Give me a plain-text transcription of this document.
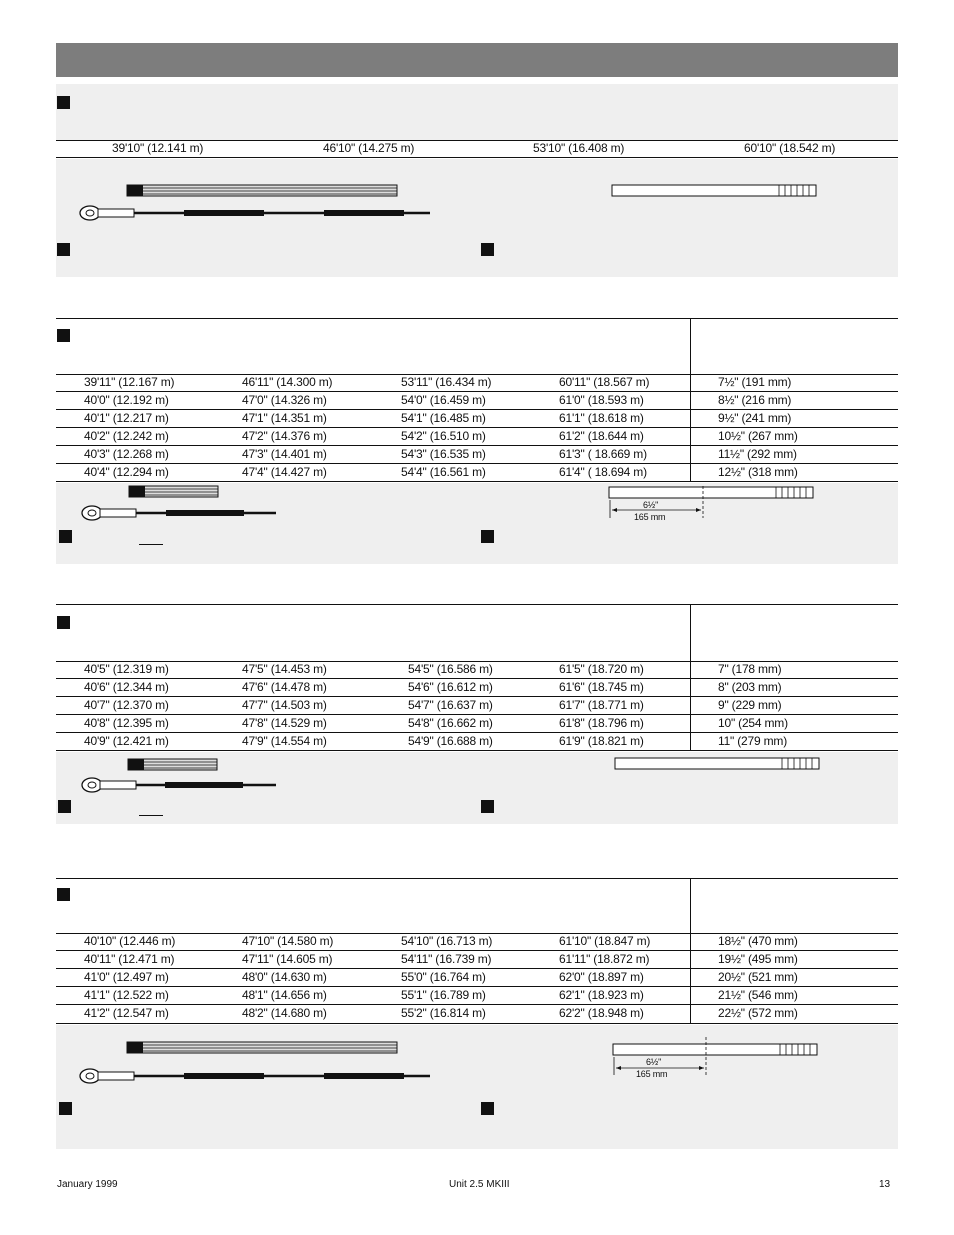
39'10" (12.141 m)	46'10" (14.275 m)	53'10" (16.408 m)	60'10" (18.542 m)
39'11" (12.167 m)	46'11" (14.300 m)	53'11" (16.434 m)	60'11" (18.567 m)	7½" (191 mm)
40'0" (12.192 m)	47'0" (14.326 m)	54'0" (16.459 m)	61'0" (18.593 m)	8½" (216 mm)
40'1" (12.217 m)	47'1" (14.351 m)	54'1" (16.485 m)	61'1" (18.618 m)	9½" (241 mm)
40'2" (12.242 m)	47'2" (14.376 m)	54'2" (16.510 m)	61'2" (18.644 m)	10½" (267 mm)
40'3" (12.268 m)	47'3" (14.401 m)	54'3" (16.535 m)	61'3" ( 18.669 m)	11½" (292 mm)
40'4" (12.294 m)	47'4" (14.427 m)	54'4" (16.561 m)	61'4" ( 18.694 m)	12½" (318 mm)
6½"
165 mm
40'5" (12.319 m)	47'5" (14.453 m)	54'5" (16.586 m)	61'5" (18.720 m)	7" (178 mm)
40'6" (12.344 m)	47'6" (14.478 m)	54'6" (16.612 m)	61'6" (18.745 m)	8" (203 mm)
40'7" (12.370 m)	47'7" (14.503 m)	54'7" (16.637 m)	61'7" (18.771 m)	9" (229 mm)
40'8" (12.395 m)	47'8" (14.529 m)	54'8" (16.662 m)	61'8" (18.796 m)	10" (254 mm)
40'9" (12.421 m)	47'9" (14.554 m)	54'9" (16.688 m)	61'9" (18.821 m)	11" (279 mm)
40'10" (12.446 m)	47'10" (14.580 m)	54'10" (16.713 m)	61'10" (18.847 m)	18½" (470 mm)
40'11" (12.471 m)	47'11" (14.605 m)	54'11" (16.739 m)	61'11" (18.872 m)	19½" (495 mm)
41'0" (12.497 m)	48'0" (14.630 m)	55'0" (16.764 m)	62'0" (18.897 m)	20½" (521 mm)
41'1" (12.522 m)	48'1" (14.656 m)	55'1" (16.789 m)	62'1" (18.923 m)	21½" (546 mm)
41'2" (12.547 m)	48'2" (14.680 m)	55'2" (16.814 m)	62'2" (18.948 m)	22½" (572 mm)
6½"
165 mm
January 1999	Unit 2.5 MKIII	13
